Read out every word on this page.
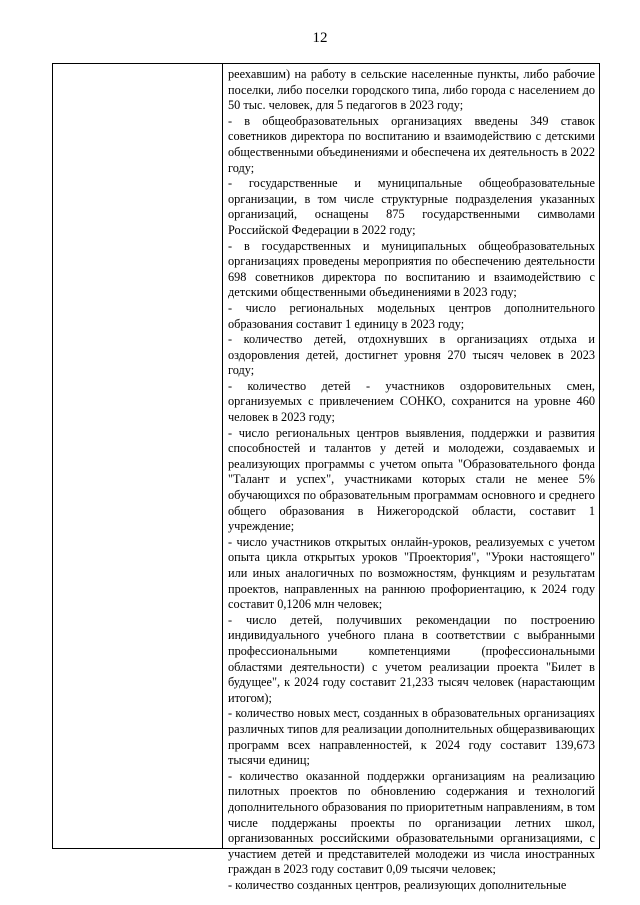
12

реехавшим) на работу в сельские населенные пункты, либо рабочие поселки, либо поселки городского типа, либо города с населением до 50 тыс. человек, для 5 педагогов в 2023 году;

- в общеобразовательных организациях введены 349 ставок советников директора по воспитанию и взаимодействию с детскими общественными объединениями и обеспечена их деятельность в 2022 году;

- государственные и муниципальные общеобразовательные организации, в том числе структурные подразделения указанных организаций, оснащены 875 государственными символами Российской Федерации в 2022 году;

- в государственных и муниципальных общеобразовательных организациях проведены мероприятия по обеспечению деятельности 698 советников директора по воспитанию и взаимодействию с детскими общественными объединениями в 2023 году;

- число региональных модельных центров дополнительного образования составит 1 единицу в 2023 году;

- количество детей, отдохнувших в организациях отдыха и оздоровления детей, достигнет уровня 270 тысяч человек в 2023 году;

- количество детей - участников оздоровительных смен, организуемых с привлечением СОНКО, сохранится на уровне 460 человек в 2023 году;

- число региональных центров выявления, поддержки и развития способностей и талантов у детей и молодежи, создаваемых и реализующих программы с учетом опыта "Образовательного фонда "Талант и успех", участниками которых стали не менее 5% обучающихся по образовательным программам основного и среднего общего образования в Нижегородской области, составит 1 учреждение;

- число участников открытых онлайн-уроков, реализуемых с учетом опыта цикла открытых уроков "Проектория", "Уроки настоящего" или иных аналогичных по возможностям, функциям и результатам проектов, направленных на раннюю профориентацию, к 2024 году составит 0,1206 млн человек;

- число детей, получивших рекомендации по построению индивидуального учебного плана в соответствии с выбранными профессиональными компетенциями (профессиональными областями деятельности) с учетом реализации проекта "Билет в будущее", к 2024 году составит 21,233 тысяч человек (нарастающим итогом);

- количество новых мест, созданных в образовательных организациях различных типов для реализации дополнительных общеразвивающих программ всех направленностей, к 2024 году составит 139,673 тысячи единиц;

- количество оказанной поддержки организациям на реализацию пилотных проектов по обновлению содержания и технологий дополнительного образования по приоритетным направлениям, в том числе поддержаны проекты по организации летних школ, организованных российскими образовательными организациями, с участием детей и представителей молодежи из числа иностранных граждан в 2023 году составит 0,09 тысячи человек;

- количество созданных центров, реализующих дополнительные
